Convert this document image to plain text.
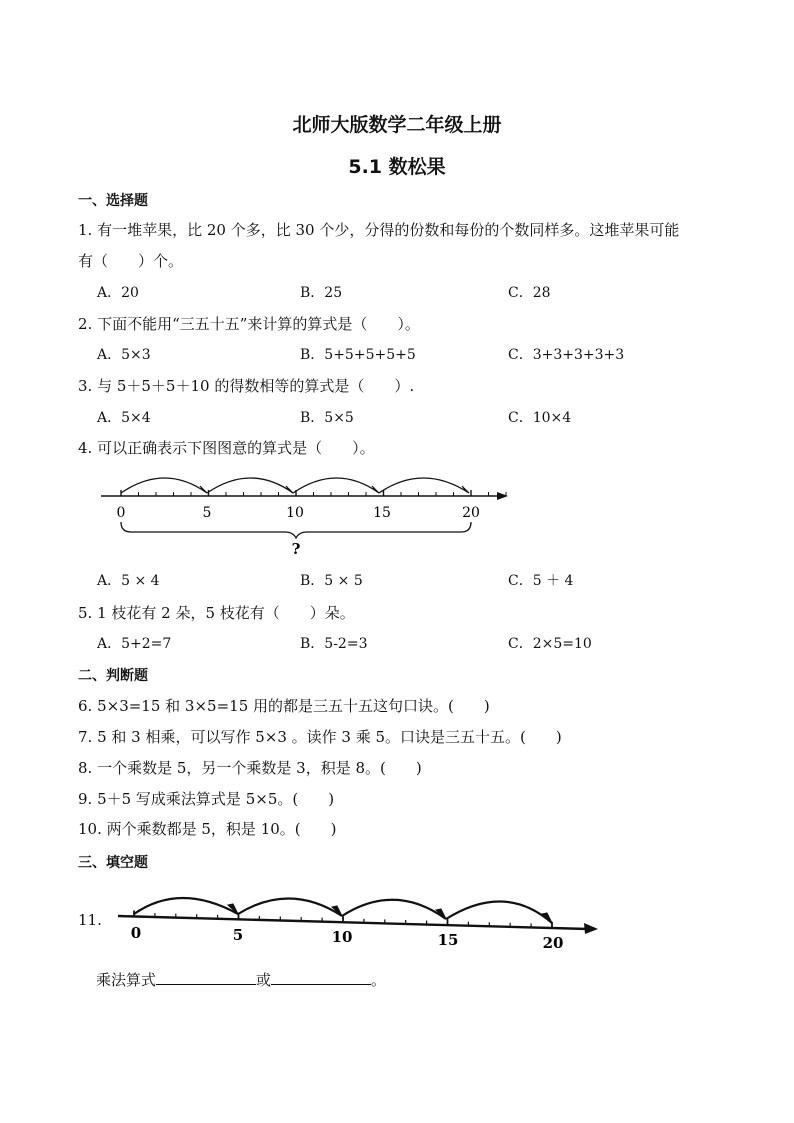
北师大版数学二年级上册
5.1 数松果
一、选择题
1. 有一堆苹果，比 20 个多，比 30 个少，分得的份数和每份的个数同样多。这堆苹果可能
有（　　）个。
A．20	B．25	C．28
2. 下面不能用“三五十五”来计算的算式是（　　）。
A．5×3	B．5+5+5+5+5	C．3+3+3+3+3
3. 与 5＋5＋5＋10 的得数相等的算式是（　　）.
A．5×4	B．5×5	C．10×4
4. 可以正确表示下图图意的算式是（　　）。
0	5	10	15	20
?
A．5 × 4	B．5 × 5	C．5 ＋ 4
5. 1 枝花有 2 朵，5 枝花有（　　）朵。
A．5+2=7	B．5-2=3	C．2×5=10
二、判断题
6. 5×3=15 和 3×5=15 用的都是三五十五这句口诀。(　　)
7. 5 和 3 相乘，可以写作 5×3 。读作 3 乘 5。口诀是三五十五。(　　)
8. 一个乘数是 5，另一个乘数是 3，积是 8。(　　)
9. 5＋5 写成乘法算式是 5×5。(　　)
10. 两个乘数都是 5，积是 10。(　　)
三、填空题
11.
0	5	10	15	20
乘法算式	或	。
